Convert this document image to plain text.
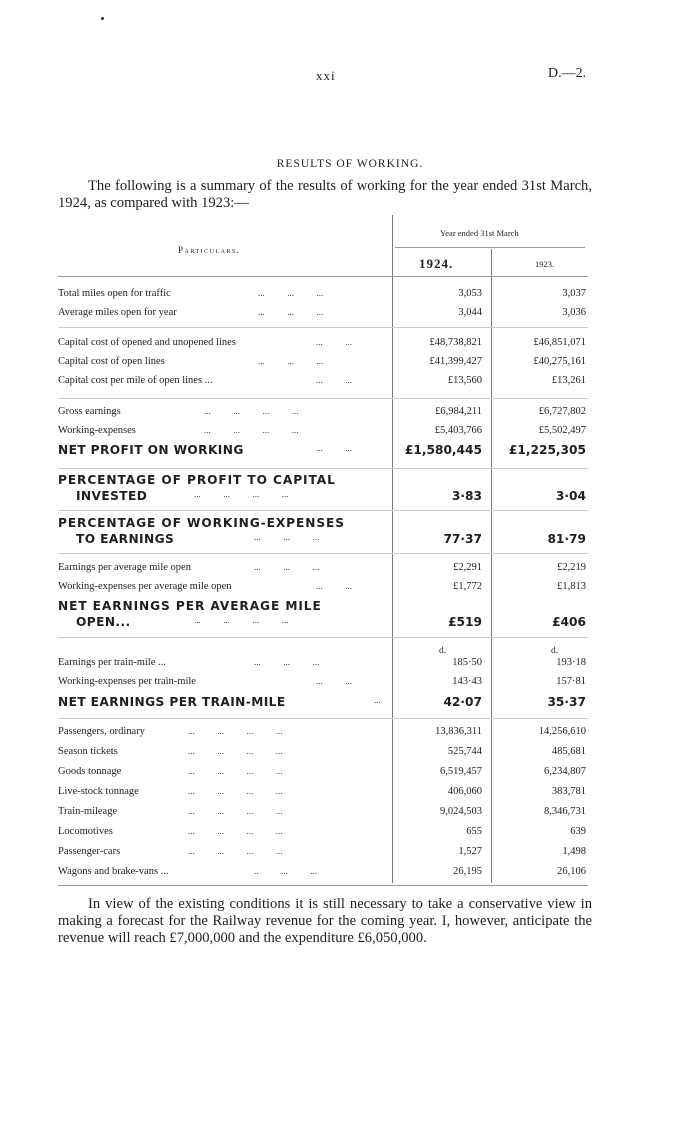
xxi	D.—2.
RESULTS OF WORKING.

The following is a summary of the results of working for the year ended 31st March, 1924, as compared with 1923:—

Particulars.
Year ended 31st March
1924.	1923.
Total miles open for traffic	...          ...          ...	3,053	3,037
Average miles open for year	...          ...          ...	3,044	3,036
Capital cost of opened and unopened lines	...          ...	£48,738,821	£46,851,071
Capital cost of open lines	...          ...          ...	£41,399,427	£40,275,161
Capital cost per mile of open lines ...	...          ...	£13,560	£13,261
Gross earnings	...          ...          ...          ...	£6,984,211	£6,727,802
Working-expenses	...          ...          ...          ...	£5,403,766	£5,502,497
NET PROFIT ON WORKING	...          ...	£1,580,445 £1,225,305
PERCENTAGE OF PROFIT TO CAPITAL
INVESTED	...          ...          ...          ...	3·83	3·04
PERCENTAGE OF WORKING-EXPENSES
TO EARNINGS	...          ...          ...	77·37	81·79
Earnings per average mile open	...          ...          ...	£2,291	£2,219
Working-expenses per average mile open	...          ...	£1,772	£1,813
NET EARNINGS PER AVERAGE MILE
OPEN...	...          ...          ...          ...	£519	£406
d.	d.
Earnings per train-mile ...	...          ...          ...	185·50	193·18
Working-expenses per train-mile	...          ...	143·43	157·81
NET EARNINGS PER TRAIN-MILE	...	42·07	35·37
Passengers, ordinary	...          ...          ...          ...	13,836,311	14,256,610
Season tickets	...          ...          ...          ...	525,744	485,681
Goods tonnage	...          ...          ...          ...	6,519,457	6,234,807
Live-stock tonnage	...          ...          ...          ...	406,060	383,781
Train-mileage	...          ...          ...          ...	9,024,503	8,346,731
Locomotives	...          ...          ...          ...	655	639
Passenger-cars	...          ...          ...          ...	1,527	1,498
Wagons and brake-vans ...	..          ...          ...	26,195	26,106

In view of the existing conditions it is still necessary to take a conservative view in making a forecast for the Railway revenue for the coming year. I, however, anticipate the revenue will reach £7,000,000 and the expenditure £6,050,000.
